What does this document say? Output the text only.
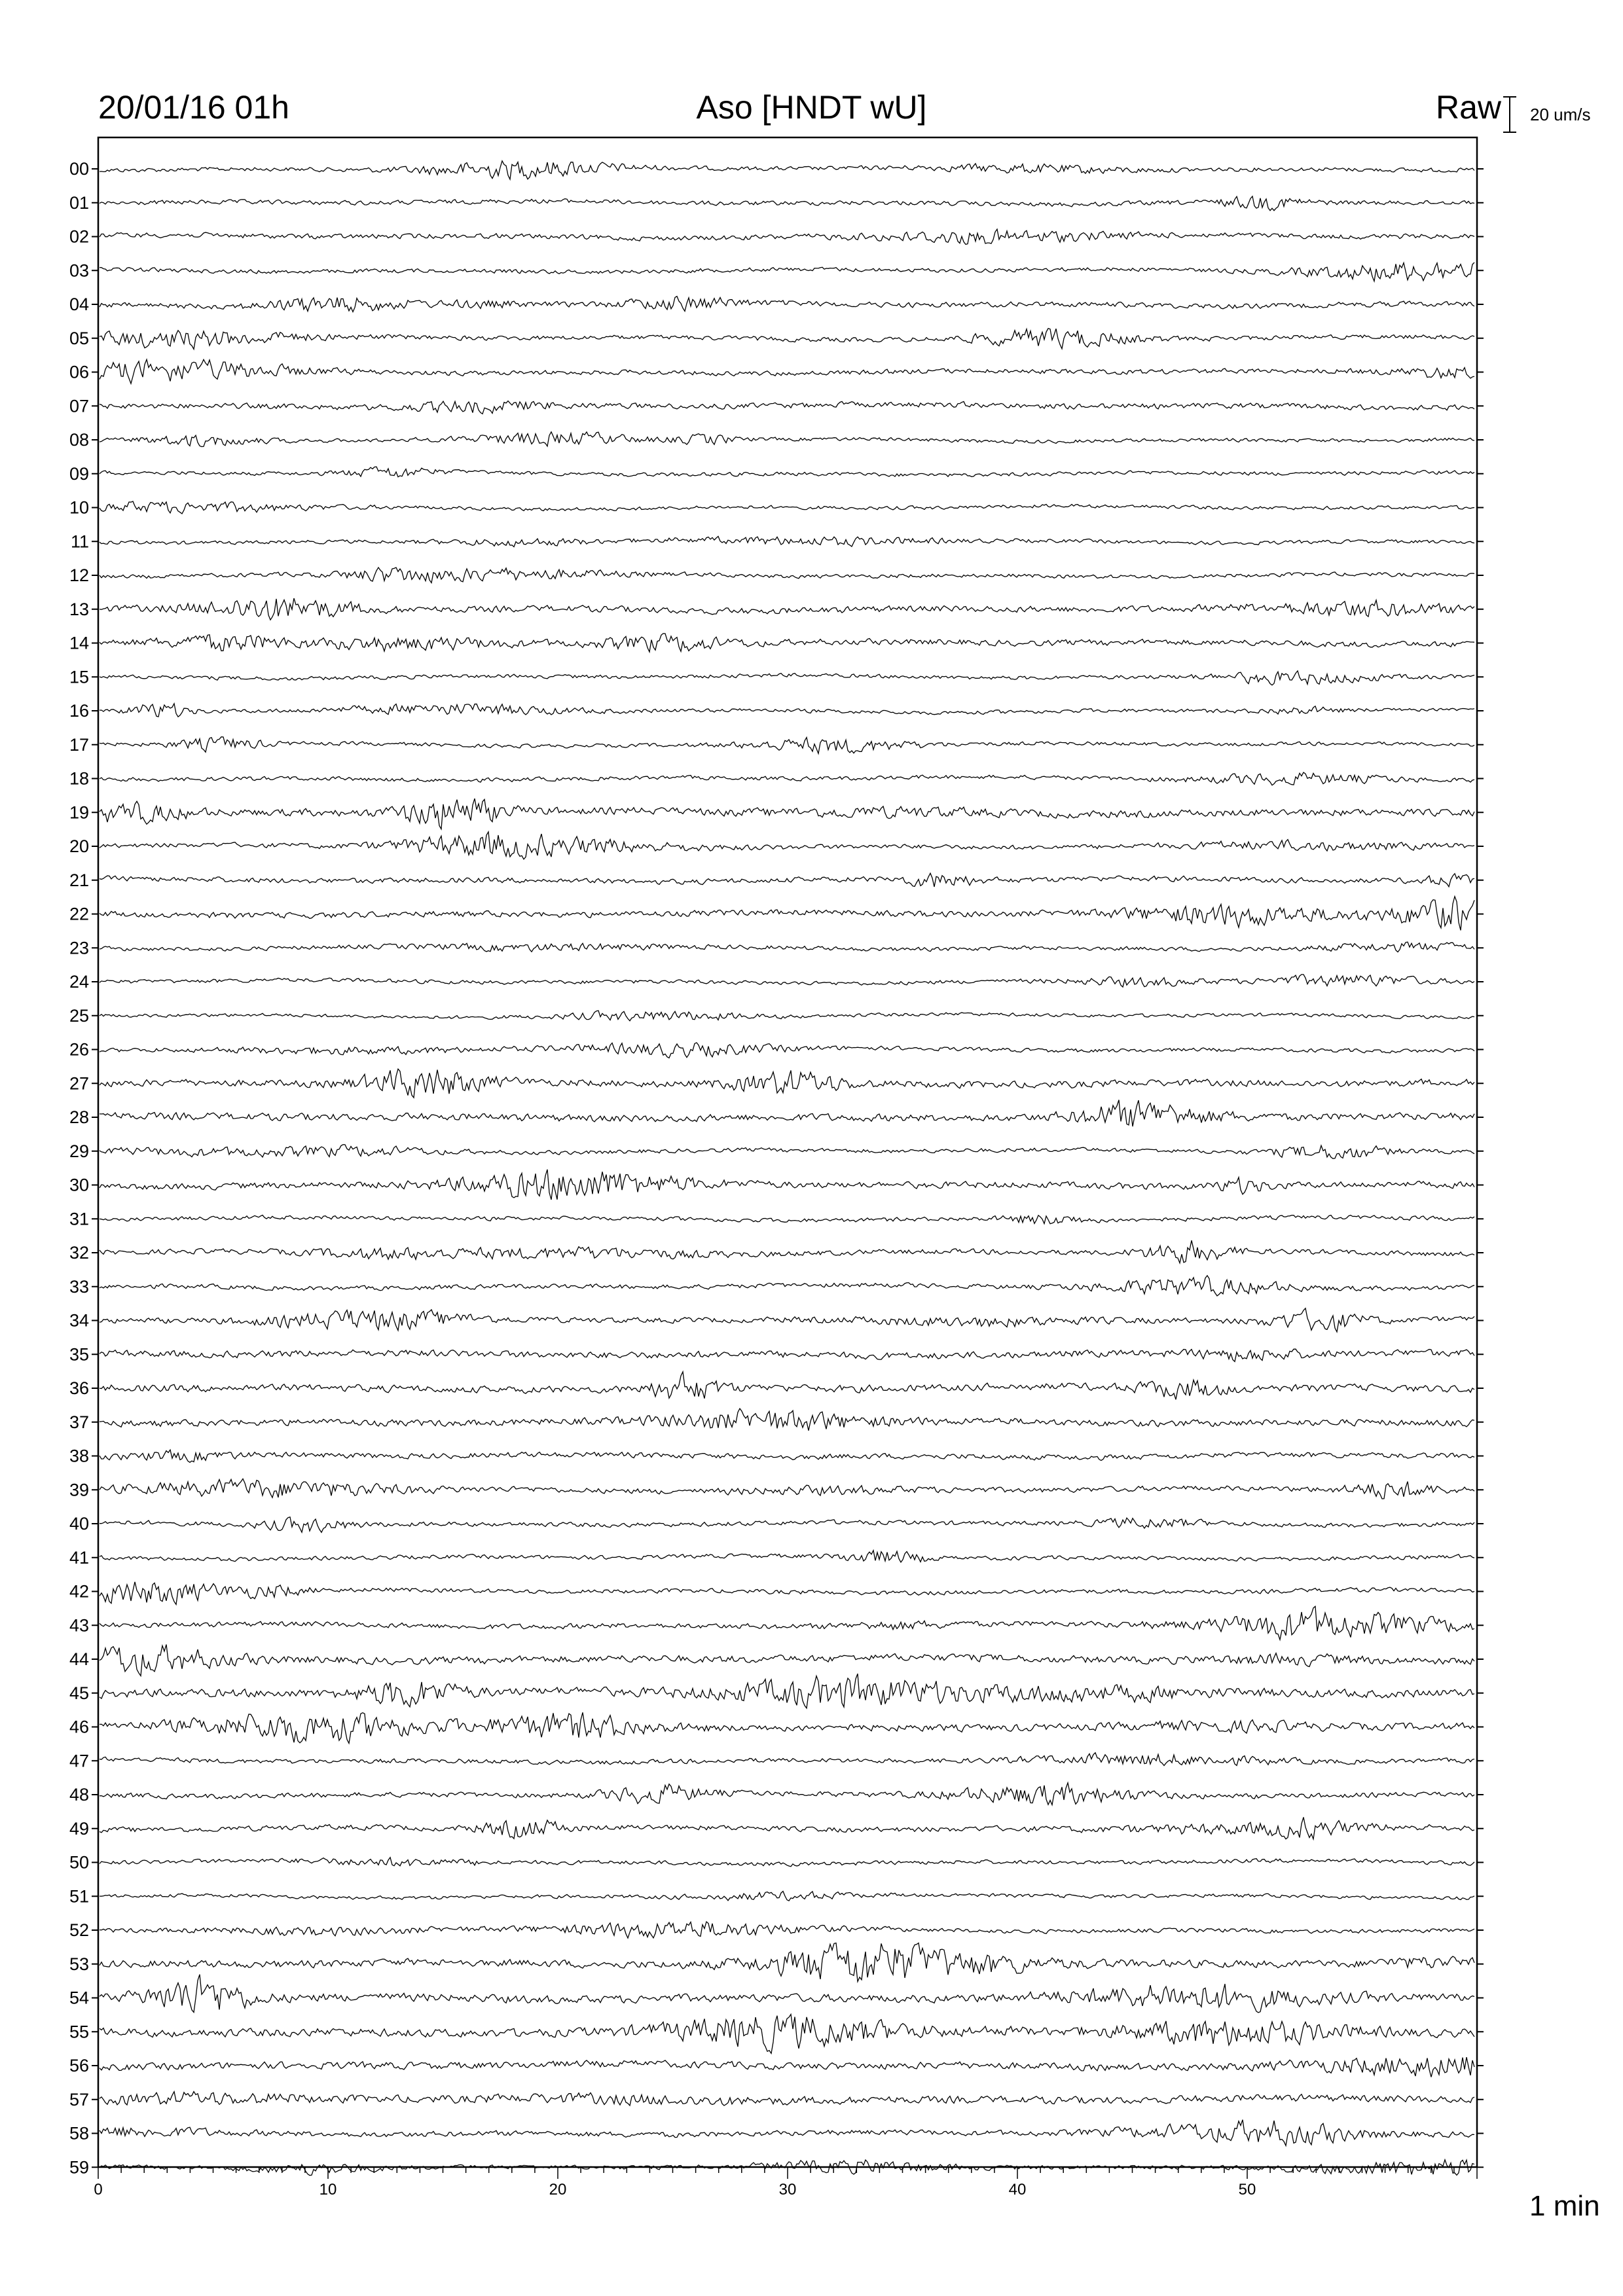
20/01/16 01h	Aso [HNDT wU]	Raw 20 um/s
1 min
00
01
02
03
04
05
06
07
08
09
10
11
12
13
14
15
16
17
18
19
20
21
22
23
24
25
26
27
28
29
30
31
32
33
34
35
36
37
38
39
40
41
42
43
44
45
46
47
48
49
50
51
52
53
54
55
56
57
58
59
0	10	20	30	40	50
